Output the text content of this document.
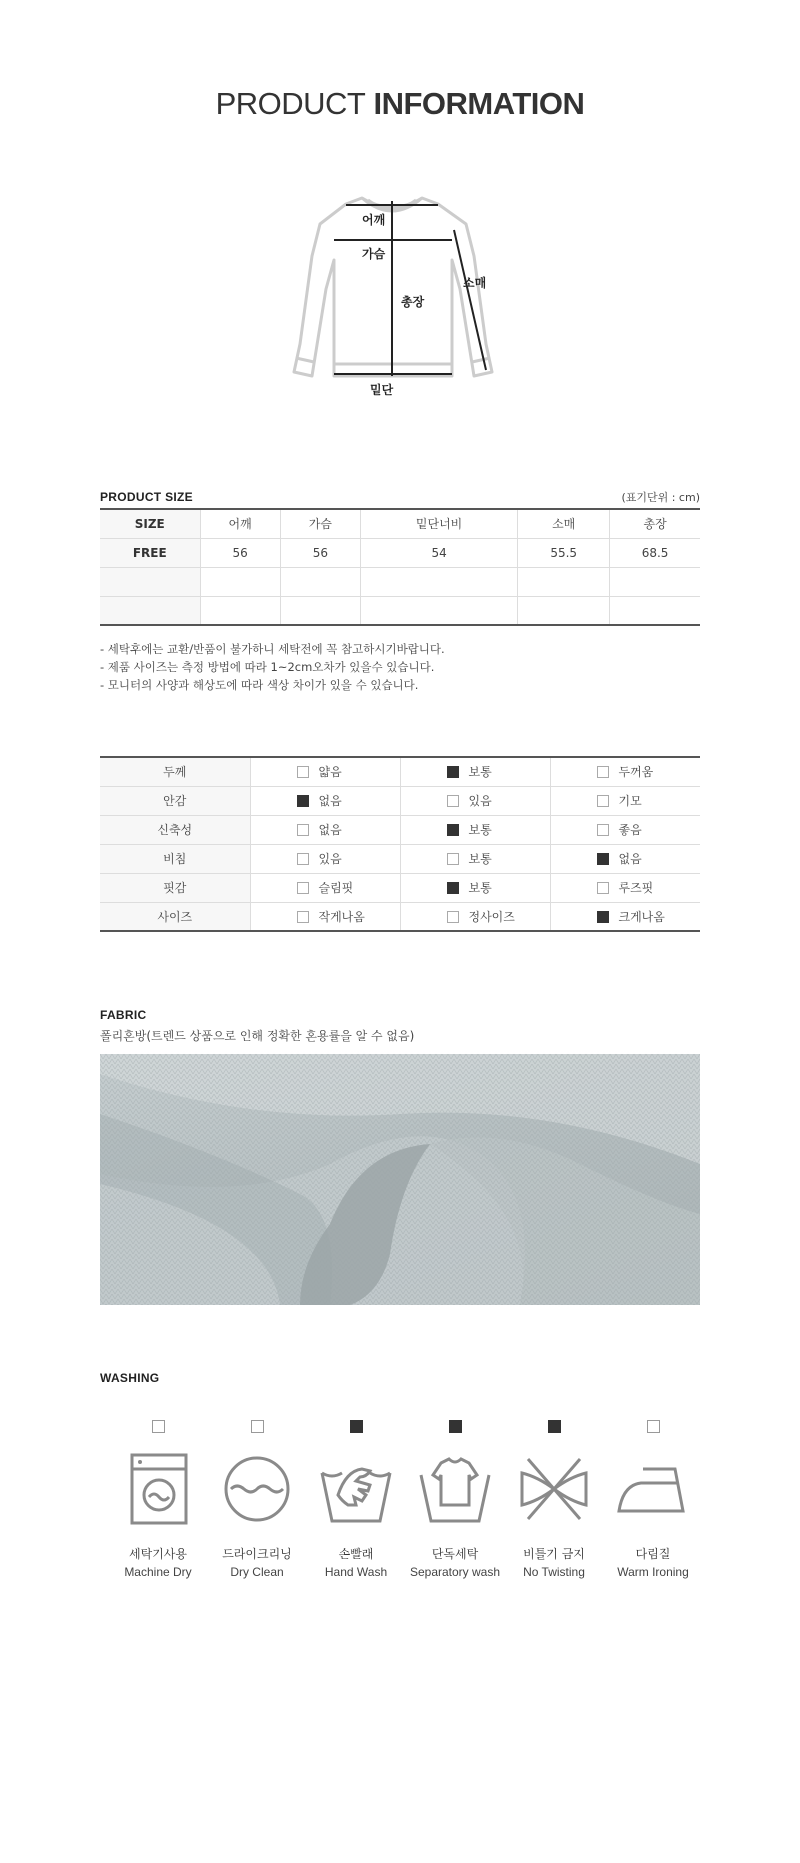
PRODUCT INFORMATION
어깨
가슴
총장
소매
밑단
PRODUCT SIZE	(표기단위 : cm)
SIZE	어깨	가슴	밑단너비	소매	총장
FREE	56	56	54	55.5	68.5

- 세탁후에는 교환/반품이 불가하니 세탁전에 꼭 참고하시기바랍니다.
- 제품 사이즈는 측정 방법에 따라 1~2cm오차가 있을수 있습니다.
- 모니터의 사양과 해상도에 따라 색상 차이가 있을 수 있습니다.
두께	얇음	보통	두꺼움
안감	없음	있음	기모
신축성	없음	보통	좋음
비침	있음	보통	없음
핏감	슬림핏	보통	루즈핏
사이즈	작게나옴	정사이즈	크게나옴
FABRIC
폴리혼방(트렌드 상품으로 인해 정확한 혼용률을 알 수 없음)
WASHING
세탁기사용
Machine Dry
드라이크리닝
Dry Clean
손빨래
Hand Wash
단독세탁
Separatory wash
비틀기 금지
No Twisting
다림질
Warm Ironing
